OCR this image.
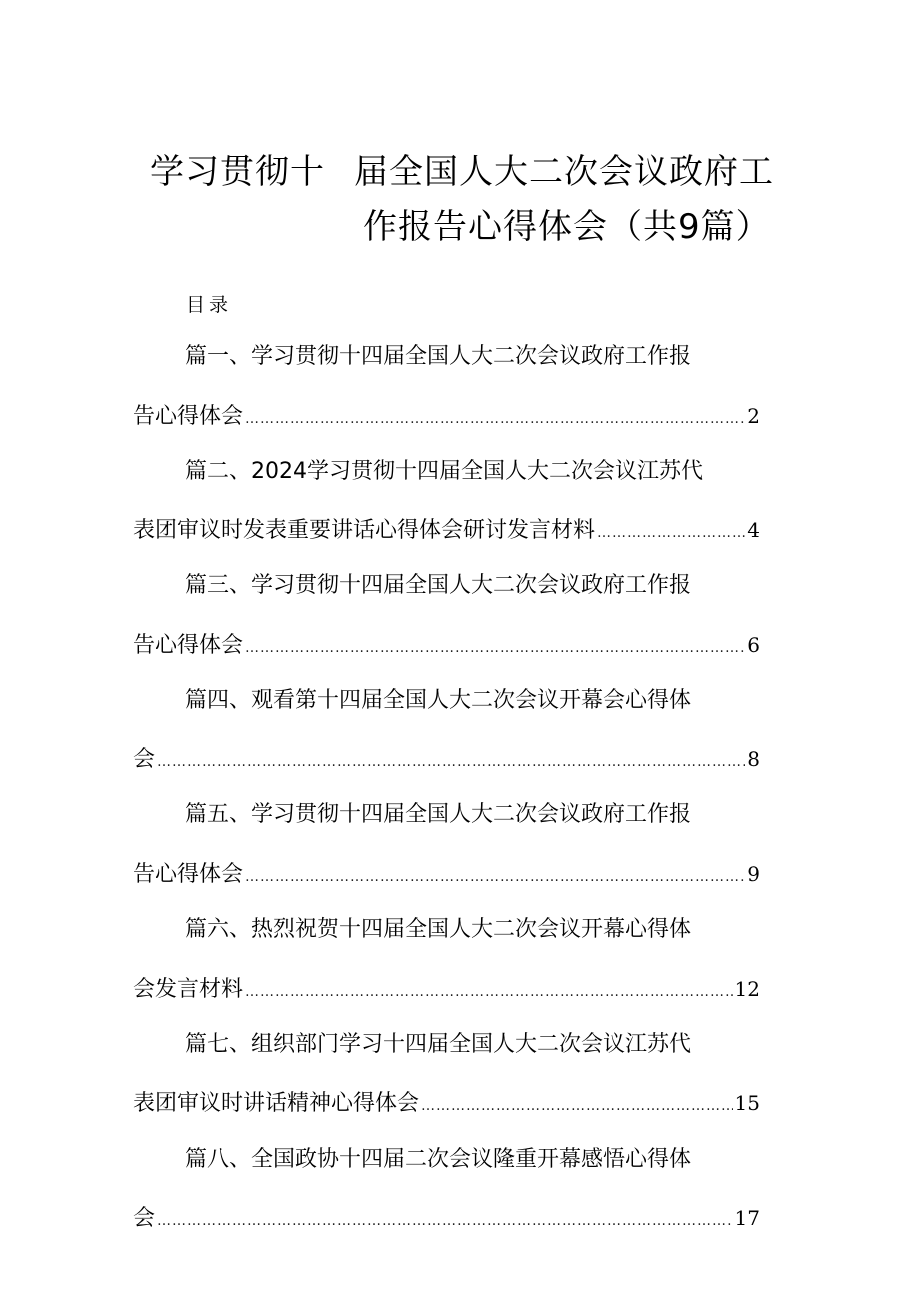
学习贯彻十 届全国人大二次会议政府工
作报告心得体会（共9篇）
目录
篇一、学习贯彻十四届全国人大二次会议政府工作报
告心得体会 ………………………………………………………………………………………………………………………………………………………………………………	2
篇二、2024学习贯彻十四届全国人大二次会议江苏代
表团审议时发表重要讲话心得体会研讨发言材料 ………………………………………………………………………………………………………………………………………………………………………………	4
篇三、学习贯彻十四届全国人大二次会议政府工作报
告心得体会 ………………………………………………………………………………………………………………………………………………………………………………	6
篇四、观看第十四届全国人大二次会议开幕会心得体
会 ………………………………………………………………………………………………………………………………………………………………………………	8
篇五、学习贯彻十四届全国人大二次会议政府工作报
告心得体会 ………………………………………………………………………………………………………………………………………………………………………………	9
篇六、热烈祝贺十四届全国人大二次会议开幕心得体
会发言材料 ………………………………………………………………………………………………………………………………………………………………………………	12
篇七、组织部门学习十四届全国人大二次会议江苏代
表团审议时讲话精神心得体会 ………………………………………………………………………………………………………………………………………………………………………………	15
篇八、全国政协十四届二次会议隆重开幕感悟心得体
会 ………………………………………………………………………………………………………………………………………………………………………………	17
